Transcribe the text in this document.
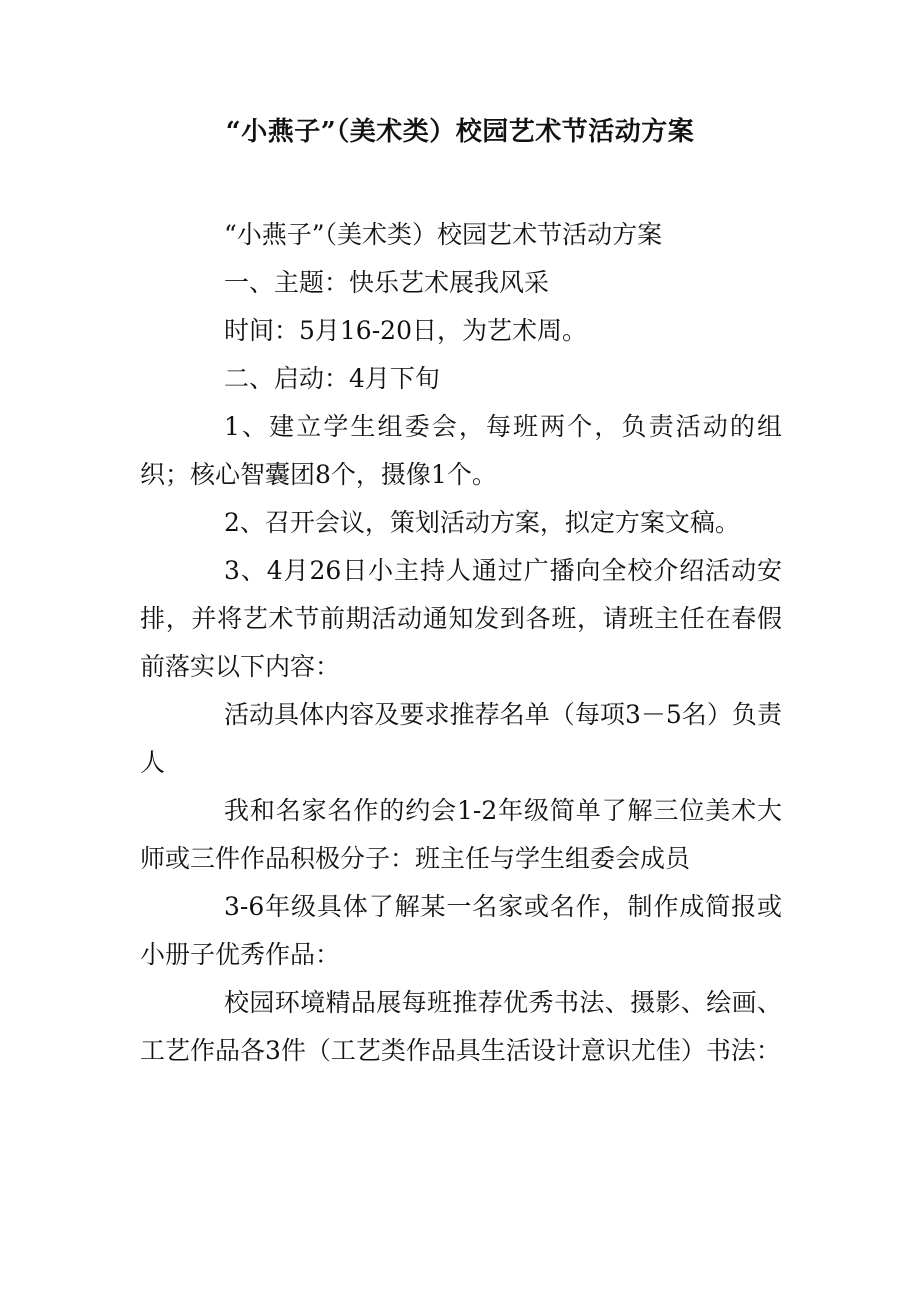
“小燕子”（美术类）校园艺术节活动方案

“小燕子”（美术类）校园艺术节活动方案

一、主题：快乐艺术展我风采

时间：5月16-20日，为艺术周。

二、启动：4月下旬

1、建立学生组委会，每班两个，负责活动的组织；核心智囊团8个，摄像1个。

2、召开会议，策划活动方案，拟定方案文稿。

3、4月26日小主持人通过广播向全校介绍活动安排，并将艺术节前期活动通知发到各班，请班主任在春假前落实以下内容：

活动具体内容及要求推荐名单（每项3－5名）负责人

我和名家名作的约会1-2年级简单了解三位美术大师或三件作品积极分子：班主任与学生组委会成员

3-6年级具体了解某一名家或名作，制作成简报或小册子优秀作品：

校园环境精品展每班推荐优秀书法、摄影、绘画、工艺作品各3件（工艺类作品具生活设计意识尤佳）书法：
